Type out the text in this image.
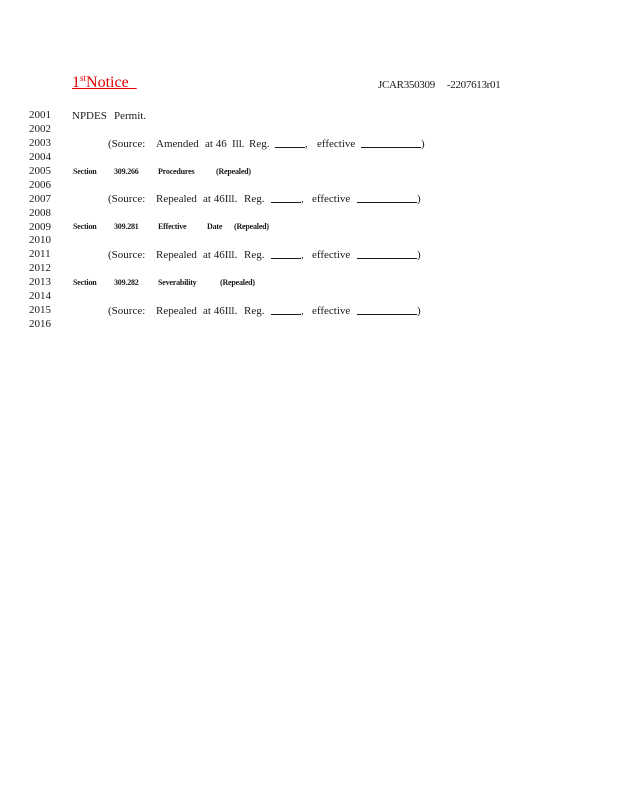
1stNotice	JCAR350309 -2207613r01
2001
2002
2003
2004
2005
2006
2007
2008
2009
2010
2011
2012
2013
2014
2015
2016

NPDES

Permit.

(Source:

Amended

at 46

Ill.

Reg.

	,

effective

	)

Section

309.266

Procedures

	(Repealed)

(Source:

Repealed

at 46Ill.

Reg.

	,

effective

	)

Section

309.281

Effective

	Date

(Repealed)

(Source:

Repealed

at 46Ill.

Reg.

	,

effective

	)

Section

309.282

Severability

	(Repealed)

(Source:

Repealed

at 46Ill.

Reg.

	,

effective

	)
